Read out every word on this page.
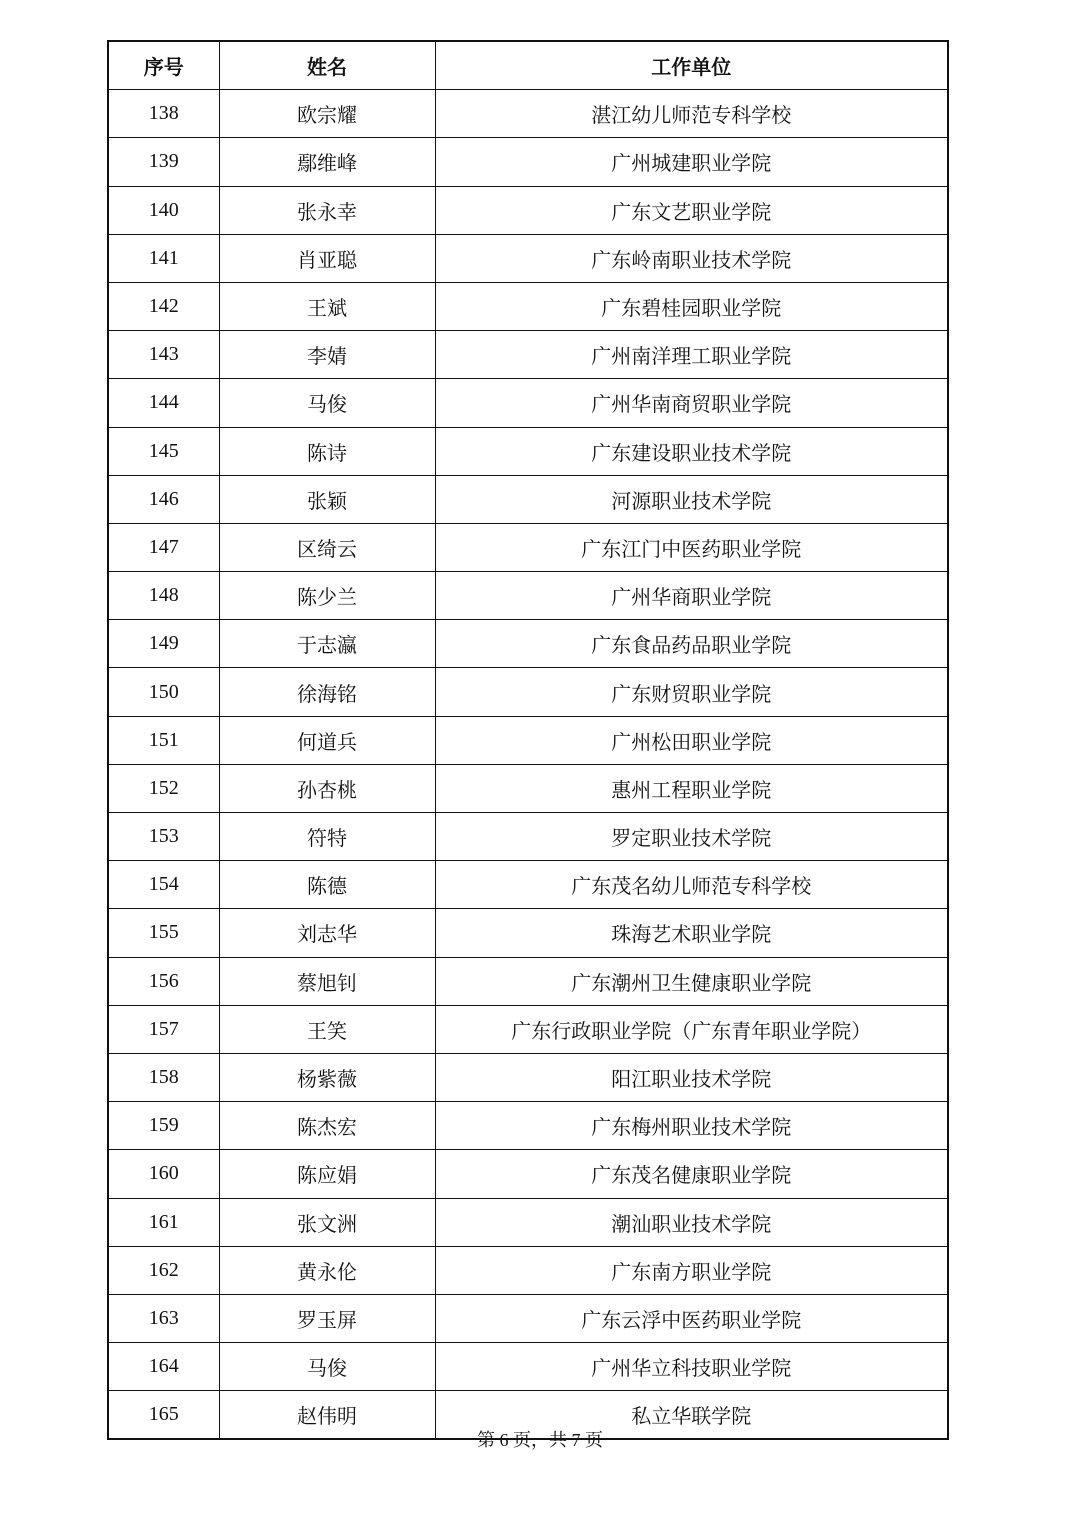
序号	姓名	工作单位
138	欧宗耀	湛江幼儿师范专科学校
139	鄢维峰	广州城建职业学院
140	张永幸	广东文艺职业学院
141	肖亚聪	广东岭南职业技术学院
142	王斌	广东碧桂园职业学院
143	李婧	广州南洋理工职业学院
144	马俊	广州华南商贸职业学院
145	陈诗	广东建设职业技术学院
146	张颖	河源职业技术学院
147	区绮云	广东江门中医药职业学院
148	陈少兰	广州华商职业学院
149	于志瀛	广东食品药品职业学院
150	徐海铭	广东财贸职业学院
151	何道兵	广州松田职业学院
152	孙杏桃	惠州工程职业学院
153	符特	罗定职业技术学院
154	陈德	广东茂名幼儿师范专科学校
155	刘志华	珠海艺术职业学院
156	蔡旭钊	广东潮州卫生健康职业学院
157	王笑	广东行政职业学院（广东青年职业学院）
158	杨紫薇	阳江职业技术学院
159	陈杰宏	广东梅州职业技术学院
160	陈应娟	广东茂名健康职业学院
161	张文洲	潮汕职业技术学院
162	黄永伦	广东南方职业学院
163	罗玉屏	广东云浮中医药职业学院
164	马俊	广州华立科技职业学院
165	赵伟明	私立华联学院
第 6 页，共 7 页
